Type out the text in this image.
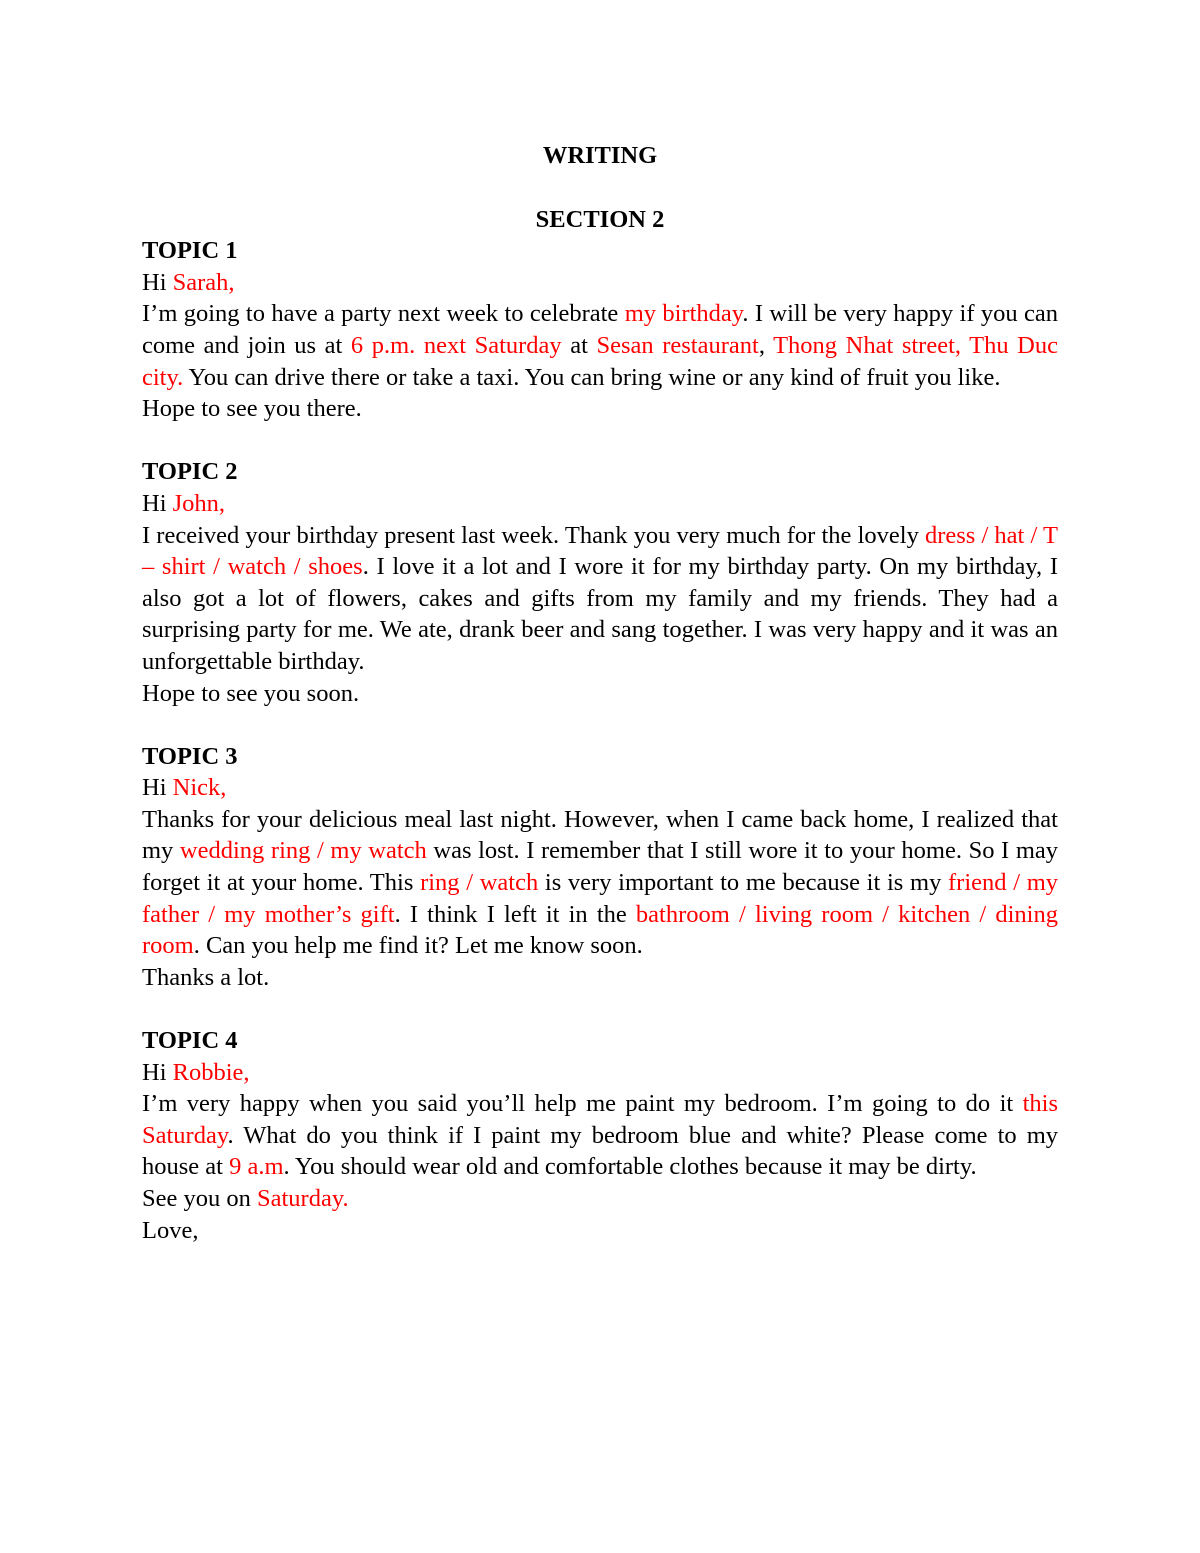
WRITING

SECTION 2

TOPIC 1
Hi Sarah,

I’m going to have a party next week to celebrate my birthday. I will be very happy if you can come and join us at 6 p.m. next Saturday at Sesan restaurant, Thong Nhat street, Thu Duc city. You can drive there or take a taxi. You can bring wine or any kind of fruit you like.

Hope to see you there.
TOPIC 2
Hi John,

I received your birthday present last week. Thank you very much for the lovely dress / hat / T – shirt / watch / shoes. I love it a lot and I wore it for my birthday party. On my birthday, I also got a lot of flowers, cakes and gifts from my family and my friends. They had a surprising party for me. We ate, drank beer and sang together. I was very happy and it was an unforgettable birthday.

Hope to see you soon.
TOPIC 3
Hi Nick,

Thanks for your delicious meal last night. However, when I came back home, I realized that my wedding ring / my watch was lost. I remember that I still wore it to your home. So I may forget it at your home. This ring / watch is very important to me because it is my friend / my father / my mother’s gift. I think I left it in the bathroom / living room / kitchen / dining room. Can you help me find it? Let me know soon.

Thanks a lot.
TOPIC 4
Hi Robbie,

I’m very happy when you said you’ll help me paint my bedroom. I’m going to do it this Saturday. What do you think if I paint my bedroom blue and white? Please come to my house at 9 a.m. You should wear old and comfortable clothes because it may be dirty.

See you on Saturday.
Love,
